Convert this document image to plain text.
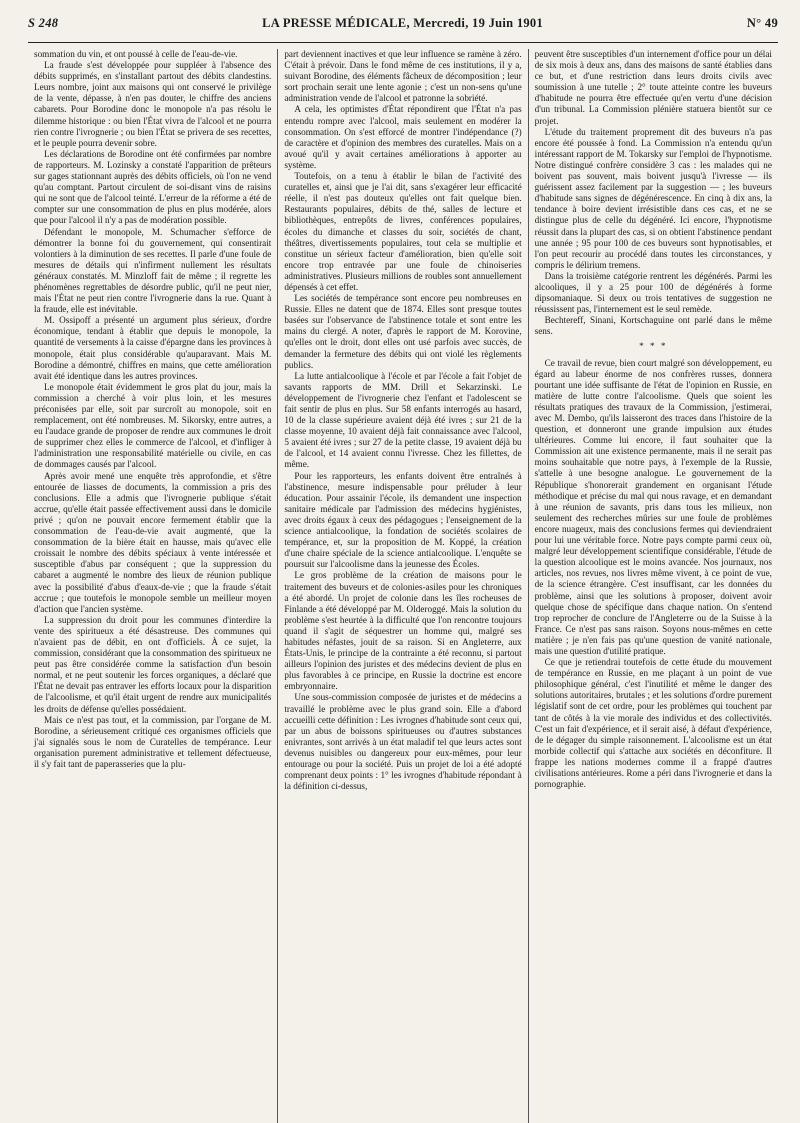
S 248	LA PRESSE MÉDICALE, Mercredi, 19 Juin 1901	N° 49

sommation du vin, et ont poussé à celle de l'eau-de-vie.

La fraude s'est développée pour suppléer à l'absence des débits supprimés, en s'installant partout des débits clandestins. Leurs nombre, joint aux maisons qui ont conservé le privilège de la vente, dépasse, à n'en pas douter, le chiffre des anciens cabarets. Pour Borodine donc le monopole n'a pas résolu le dilemme historique : ou bien l'État vivra de l'alcool et ne pourra rien contre l'ivrognerie ; ou bien l'État se privera de ses recettes, et le peuple pourra devenir sobre.

Les déclarations de Borodine ont été confirmées par nombre de rapporteurs. M. Lozinsky a constaté l'apparition de prêteurs sur gages stationnant auprès des débits officiels, où l'on ne vend qu'au comptant. Partout circulent de soi-disant vins de raisins qui ne sont que de l'alcool teinté. L'erreur de la réforme a été de compter sur une consommation de plus en plus modérée, alors que pour l'alcool il n'y a pas de modération possible.

Défendant le monopole, M. Schumacher s'efforce de démontrer la bonne foi du gouvernement, qui consentirait volontiers à la diminution de ses recettes. Il parle d'une foule de mesures de détails qui n'infirment nullement les résultats généraux constatés. M. Minzloff fait de même ; il regrette les phénomènes regrettables de désordre public, qu'il ne peut nier, mais l'État ne peut rien contre l'ivrognerie dans la rue. Quant à la fraude, elle est inévitable.

M. Ossipoff a présenté un argument plus sérieux, d'ordre économique, tendant à établir que depuis le monopole, la quantité de versements à la caisse d'épargne dans les provinces à monopole, était plus considérable qu'auparavant. Mais M. Borodine a démontré, chiffres en mains, que cette amélioration avait été identique dans les autres provinces.

Le monopole était évidemment le gros plat du jour, mais la commission a cherché à voir plus loin, et les mesures préconisées par elle, soit par surcroît au monopole, soit en remplacement, ont été nombreuses. M. Sikorsky, entre autres, a eu l'audace grande de proposer de rendre aux communes le droit de supprimer chez elles le commerce de l'alcool, et d'infliger à l'administration une responsabilité matérielle ou civile, en cas de dommages causés par l'alcool.

Après avoir mené une enquête très approfondie, et s'être entourée de liasses de documents, la commission a pris des conclusions. Elle a admis que l'ivrognerie publique s'était accrue, qu'elle était passée effectivement aussi dans le domicile privé ; qu'on ne pouvait encore fermement établir que la consommation de l'eau-de-vie avait augmenté, que la consommation de la bière était en hausse, mais qu'avec elle croissait le nombre des débits spéciaux à vente intéressée et susceptible d'abus par conséquent ; que la suppression du cabaret a augmenté le nombre des lieux de réunion publique avec la possibilité d'abus d'eaux-de-vie ; que la fraude s'était accrue ; que toutefois le monopole semble un meilleur moyen d'action que l'ancien système.

La suppression du droit pour les communes d'interdire la vente des spiritueux a été désastreuse. Des communes qui n'avaient pas de débit, en ont d'officiels. À ce sujet, la commission, considérant que la consommation des spiritueux ne peut pas être considérée comme la satisfaction d'un besoin normal, et ne peut soutenir les forces organiques, a déclaré que l'État ne devait pas entraver les efforts locaux pour la disparition de l'alcoolisme, et qu'il était urgent de rendre aux municipalités les droits de défense qu'elles possédaient.

Mais ce n'est pas tout, et la commission, par l'organe de M. Borodine, a sérieusement critiqué ces organismes officiels que j'ai signalés sous le nom de Curatelles de tempérance. Leur organisation purement administrative et tellement défectueuse, il s'y fait tant de paperasseries que la plu-

part deviennent inactives et que leur influence se ramène à zéro. C'était à prévoir. Dans le fond même de ces institutions, il y a, suivant Borodine, des éléments fâcheux de décomposition ; leur sort prochain serait une lente agonie ; c'est un non-sens qu'une administration vende de l'alcool et patronne la sobriété.

A cela, les optimistes d'État répondirent que l'État n'a pas entendu rompre avec l'alcool, mais seulement en modérer la consommation. On s'est efforcé de montrer l'indépendance (?) de caractère et d'opinion des membres des curatelles. Mais on a avoué qu'il y avait certaines améliorations à apporter au système.

Toutefois, on a tenu à établir le bilan de l'activité des curatelles et, ainsi que je l'ai dit, sans s'exagérer leur efficacité réelle, il n'est pas douteux qu'elles ont fait quelque bien. Restaurants populaires, débits de thé, salles de lecture et bibliothèques, entrepôts de livres, conférences populaires, écoles du dimanche et classes du soir, sociétés de chant, théâtres, divertissements populaires, tout cela se multiplie et constitue un sérieux facteur d'amélioration, bien qu'elle soit encore trop entravée par une foule de chinoiseries administratives. Plusieurs millions de roubles sont annuellement dépensés à cet effet.

Les sociétés de tempérance sont encore peu nombreuses en Russie. Elles ne datent que de 1874. Elles sont presque toutes basées sur l'observance de l'abstinence totale et sont entre les mains du clergé. A noter, d'après le rapport de M. Korovine, qu'elles ont le droit, dont elles ont usé parfois avec succès, de demander la fermeture des débits qui ont violé les règlements publics.

La lutte antialcoolique à l'école et par l'école a fait l'objet de savants rapports de MM. Drill et Sekarzinski. Le développement de l'ivrognerie chez l'enfant et l'adolescent se fait sentir de plus en plus. Sur 58 enfants interrogés au hasard, 10 de la classe supérieure avaient déjà été ivres ; sur 21 de la classe moyenne, 10 avaient déjà fait connaissance avec l'alcool, 5 avaient été ivres ; sur 27 de la petite classe, 19 avaient déjà bu de l'alcool, et 14 avaient connu l'ivresse. Chez les fillettes, de même.

Pour les rapporteurs, les enfants doivent être entraînés à l'abstinence, mesure indispensable pour préluder à leur éducation. Pour assainir l'école, ils demandent une inspection sanitaire médicale par l'admission des médecins hygiénistes, avec droits égaux à ceux des pédagogues ; l'enseignement de la science antialcoolique, la fondation de sociétés scolaires de tempérance, et, sur la proposition de M. Koppé, la création d'une chaire spéciale de la science antialcoolique. L'enquête se poursuit sur l'alcoolisme dans la jeunesse des Écoles.

Le gros problème de la création de maisons pour le traitement des buveurs et de colonies-asiles pour les chroniques a été abordé. Un projet de colonie dans les îles rocheuses de Finlande a été développé par M. Olderoggé. Mais la solution du problème s'est heurtée à la difficulté que l'on rencontre toujours quand il s'agit de séquestrer un homme qui, malgré ses habitudes néfastes, jouit de sa raison. Si en Angleterre, aux États-Unis, le principe de la contrainte a été reconnu, si partout ailleurs l'opinion des juristes et des médecins devient de plus en plus favorables à ce principe, en Russie la doctrine est encore embryonnaire.

Une sous-commission composée de juristes et de médecins a travaillé le problème avec le plus grand soin. Elle a d'abord accueilli cette définition : Les ivrognes d'habitude sont ceux qui, par un abus de boissons spiritueuses ou d'autres substances enivrantes, sont arrivés à un état maladif tel que leurs actes sont devenus nuisibles ou dangereux pour eux-mêmes, pour leur entourage ou pour la société. Puis un projet de loi a été adopté comprenant deux points : 1° les ivrognes d'habitude répondant à la définition ci-dessus,

peuvent être susceptibles d'un internement d'office pour un délai de six mois à deux ans, dans des maisons de santé établies dans ce but, et d'une restriction dans leurs droits civils avec soumission à une tutelle ; 2° toute atteinte contre les buveurs d'habitude ne pourra être effectuée qu'en vertu d'une décision d'un tribunal. La Commission plénière statuera bientôt sur ce projet.

L'étude du traitement proprement dit des buveurs n'a pas encore été poussée à fond. La Commission n'a entendu qu'un intéressant rapport de M. Tokarsky sur l'emploi de l'hypnotisme. Notre distingué confrère considère 3 cas : les malades qui ne boivent pas souvent, mais boivent jusqu'à l'ivresse — ils guérissent assez facilement par la suggestion — ; les buveurs d'habitude sans signes de dégénérescence. En cinq à dix ans, la tendance à boire devient irrésistible dans ces cas, et ne se distingue plus de celle du dégénéré. Ici encore, l'hypnotisme réussit dans la plupart des cas, si on obtient l'abstinence pendant une année ; 95 pour 100 de ces buveurs sont hypnotisables, et l'on peut recourir au procédé dans toutes les circonstances, y compris le délirium tremens.

Dans la troisième catégorie rentrent les dégénérés. Parmi les alcooliques, il y a 25 pour 100 de dégénérés à forme dipsomaniaque. Si deux ou trois tentatives de suggestion ne réussissent pas, l'internement est le seul remède.

Bechtereff, Sinani, Kortschaguine ont parlé dans le même sens.

* * *

Ce travail de revue, bien court malgré son développement, eu égard au labeur énorme de nos confrères russes, donnera pourtant une idée suffisante de l'état de l'opinion en Russie, en matière de lutte contre l'alcoolisme. Quels que soient les résultats pratiques des travaux de la Commission, j'estimerai, avec M. Dembo, qu'ils laisseront des traces dans l'histoire de la question, et donneront une grande impulsion aux études ultérieures. Comme lui encore, il faut souhaiter que la Commission ait une existence permanente, mais il ne serait pas moins souhaitable que notre pays, à l'exemple de la Russie, s'attelle à une besogne analogue. Le gouvernement de la République s'honorerait grandement en organisant l'étude méthodique et précise du mal qui nous ravage, et en demandant à une réunion de savants, pris dans tous les milieux, non seulement des recherches mûries sur une foule de problèmes encore nuageux, mais des conclusions fermes qui deviendraient pour lui une véritable force. Notre pays compte parmi ceux où, malgré leur développement scientifique considérable, l'étude de la question alcoolique est le moins avancée. Nos journaux, nos articles, nos revues, nos livres même vivent, à ce point de vue, de la science étrangère. C'est insuffisant, car les données du problème, ainsi que les solutions à proposer, doivent avoir quelque chose de spécifique dans chaque nation. On s'entend trop reprocher de conclure de l'Angleterre ou de la Suisse à la France. Ce n'est pas sans raison. Soyons nous-mêmes en cette matière ; je n'en fais pas qu'une question de vanité nationale, mais une question d'utilité pratique.

Ce que je retiendrai toutefois de cette étude du mouvement de tempérance en Russie, en me plaçant à un point de vue philosophique général, c'est l'inutilité et même le danger des solutions autoritaires, brutales ; et les solutions d'ordre purement législatif sont de cet ordre, pour les problèmes qui touchent par tant de côtés à la vie morale des individus et des collectivités. C'est un fait d'expérience, et il serait aisé, à défaut d'expérience, de le dégager du simple raisonnement. L'alcoolisme est un état morbide collectif qui s'attache aux sociétés en déconfiture. Il frappe les nations modernes comme il a frappé d'autres civilisations antérieures. Rome a péri dans l'ivrognerie et dans la pornographie.
